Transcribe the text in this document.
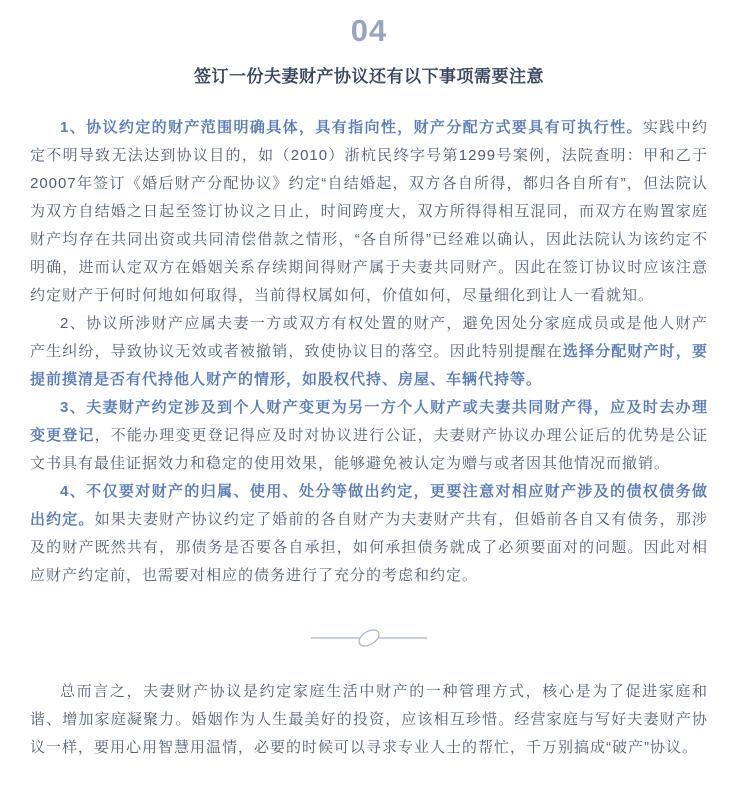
04
签订一份夫妻财产协议还有以下事项需要注意

1、协议约定的财产范围明确具体，具有指向性，财产分配方式要具有可执行性。实践中约定不明导致无法达到协议目的，如（2010）浙杭民终字号第1299号案例，法院查明：甲和乙于20007年签订《婚后财产分配协议》约定“自结婚起，双方各自所得，都归各自所有”，但法院认为双方自结婚之日起至签订协议之日止，时间跨度大，双方所得得相互混同，而双方在购置家庭财产均存在共同出资或共同清偿借款之情形，“各自所得”已经难以确认，因此法院认为该约定不明确，进而认定双方在婚姻关系存续期间得财产属于夫妻共同财产。因此在签订协议时应该注意约定财产于何时何地如何取得，当前得权属如何，价值如何，尽量细化到让人一看就知。

2、协议所涉财产应属夫妻一方或双方有权处置的财产，避免因处分家庭成员或是他人财产产生纠纷，导致协议无效或者被撤销，致使协议目的落空。因此特别提醒在选择分配财产时，要提前摸清是否有代持他人财产的情形，如股权代持、房屋、车辆代持等。

3、夫妻财产约定涉及到个人财产变更为另一方个人财产或夫妻共同财产得，应及时去办理变更登记，不能办理变更登记得应及时对协议进行公证，夫妻财产协议办理公证后的优势是公证文书具有最佳证据效力和稳定的使用效果，能够避免被认定为赠与或者因其他情况而撤销。

4、不仅要对财产的归属、使用、处分等做出约定，更要注意对相应财产涉及的债权债务做出约定。如果夫妻财产协议约定了婚前的各自财产为夫妻财产共有，但婚前各自又有债务，那涉及的财产既然共有，那债务是否要各自承担，如何承担债务就成了必须要面对的问题。因此对相应财产约定前，也需要对相应的债务进行了充分的考虑和约定。

总而言之，夫妻财产协议是约定家庭生活中财产的一种管理方式，核心是为了促进家庭和谐、增加家庭凝聚力。婚姻作为人生最美好的投资，应该相互珍惜。经营家庭与写好夫妻财产协议一样，要用心用智慧用温情，必要的时候可以寻求专业人士的帮忙，千万别搞成“破产”协议。
